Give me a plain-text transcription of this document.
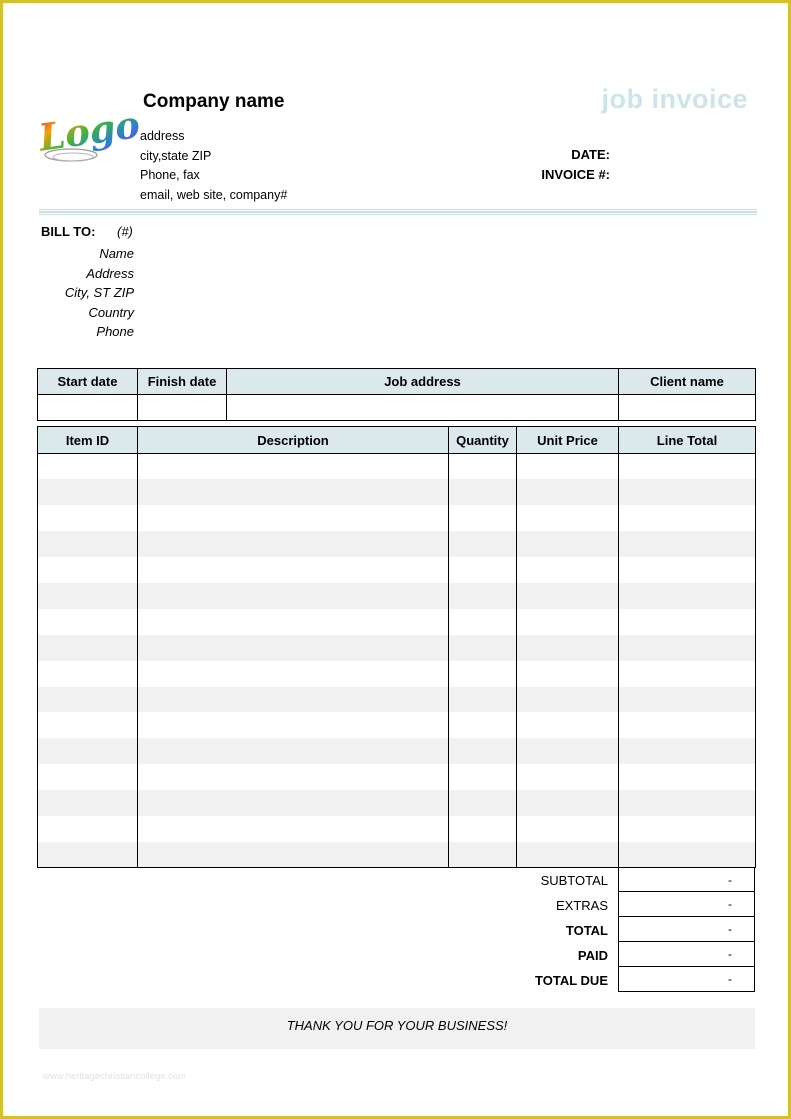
Logo
Company name
address
city,state ZIP
Phone, fax
email, web site, company#
job invoice
DATE:
INVOICE #:
BILL TO: (#)
Name
Address
City, ST ZIP
Country
Phone
Start date	Finish date	Job address	Client name

Item ID	Description	Quantity	Unit Price	Line Total

SUBTOTAL	-
EXTRAS	-
TOTAL	-
PAID	-
TOTAL DUE	-
THANK YOU FOR YOUR BUSINESS!
www.heritagechristiancollege.com
